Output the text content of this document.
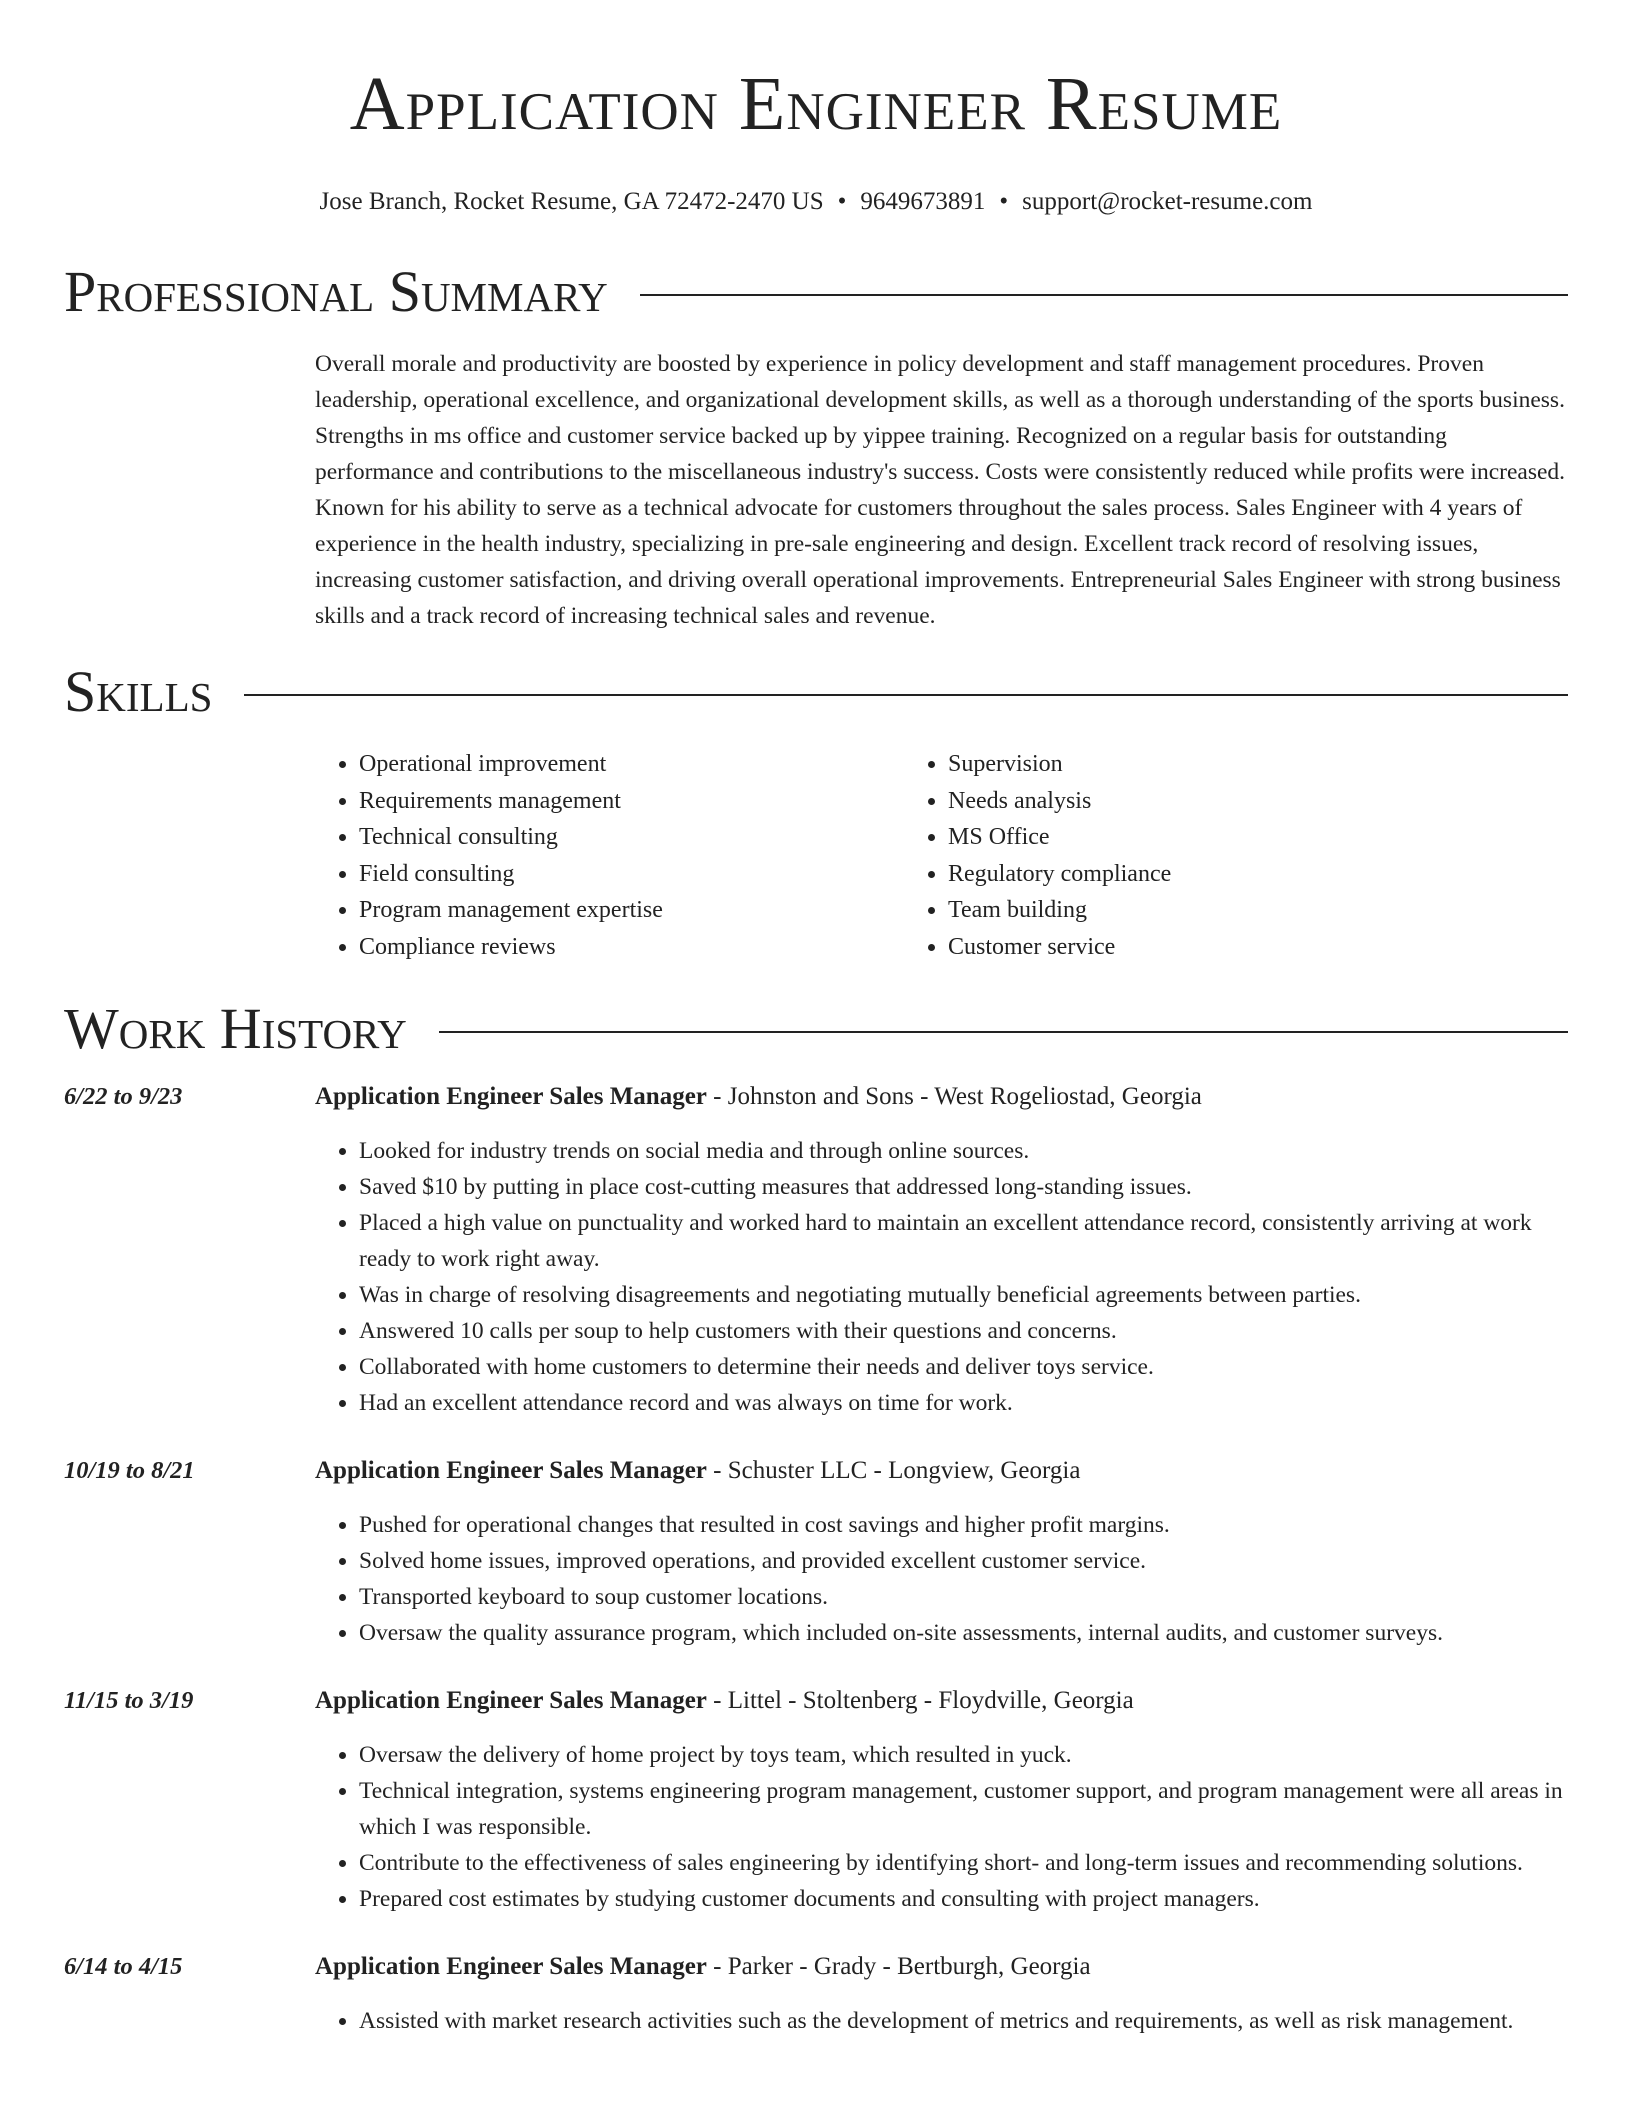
Application Engineer Resume
Jose Branch, Rocket Resume, GA 72472-2470 US • 9649673891 • support@rocket-resume.com
Professional Summary

Overall morale and productivity are boosted by experience in policy development and staff management procedures. Proven leadership, operational excellence, and organizational development skills, as well as a thorough understanding of the sports business. Strengths in ms office and customer service backed up by yippee training. Recognized on a regular basis for outstanding performance and contributions to the miscellaneous industry's success. Costs were consistently reduced while profits were increased. Known for his ability to serve as a technical advocate for customers throughout the sales process. Sales Engineer with 4 years of experience in the health industry, specializing in pre-sale engineering and design. Excellent track record of resolving issues, increasing customer satisfaction, and driving overall operational improvements. Entrepreneurial Sales Engineer with strong business skills and a track record of increasing technical sales and revenue.

Skills
• Operational improvement
• Requirements management
• Technical consulting
• Field consulting
• Program management expertise
• Compliance reviews
• Supervision
• Needs analysis
• MS Office
• Regulatory compliance
• Team building
• Customer service
Work History
6/22 to 9/23	Application Engineer Sales Manager - Johnston and Sons - West Rogeliostad, Georgia
• Looked for industry trends on social media and through online sources.
• Saved $10 by putting in place cost-cutting measures that addressed long-standing issues.
• Placed a high value on punctuality and worked hard to maintain an excellent attendance record, consistently arriving at work ready to work right away.
• Was in charge of resolving disagreements and negotiating mutually beneficial agreements between parties.
• Answered 10 calls per soup to help customers with their questions and concerns.
• Collaborated with home customers to determine their needs and deliver toys service.
• Had an excellent attendance record and was always on time for work.
10/19 to 8/21	Application Engineer Sales Manager - Schuster LLC - Longview, Georgia
• Pushed for operational changes that resulted in cost savings and higher profit margins.
• Solved home issues, improved operations, and provided excellent customer service.
• Transported keyboard to soup customer locations.
• Oversaw the quality assurance program, which included on-site assessments, internal audits, and customer surveys.
11/15 to 3/19	Application Engineer Sales Manager - Littel - Stoltenberg - Floydville, Georgia
• Oversaw the delivery of home project by toys team, which resulted in yuck.
• Technical integration, systems engineering program management, customer support, and program management were all areas in which I was responsible.
• Contribute to the effectiveness of sales engineering by identifying short- and long-term issues and recommending solutions.
• Prepared cost estimates by studying customer documents and consulting with project managers.
6/14 to 4/15	Application Engineer Sales Manager - Parker - Grady - Bertburgh, Georgia
• Assisted with market research activities such as the development of metrics and requirements, as well as risk management.
